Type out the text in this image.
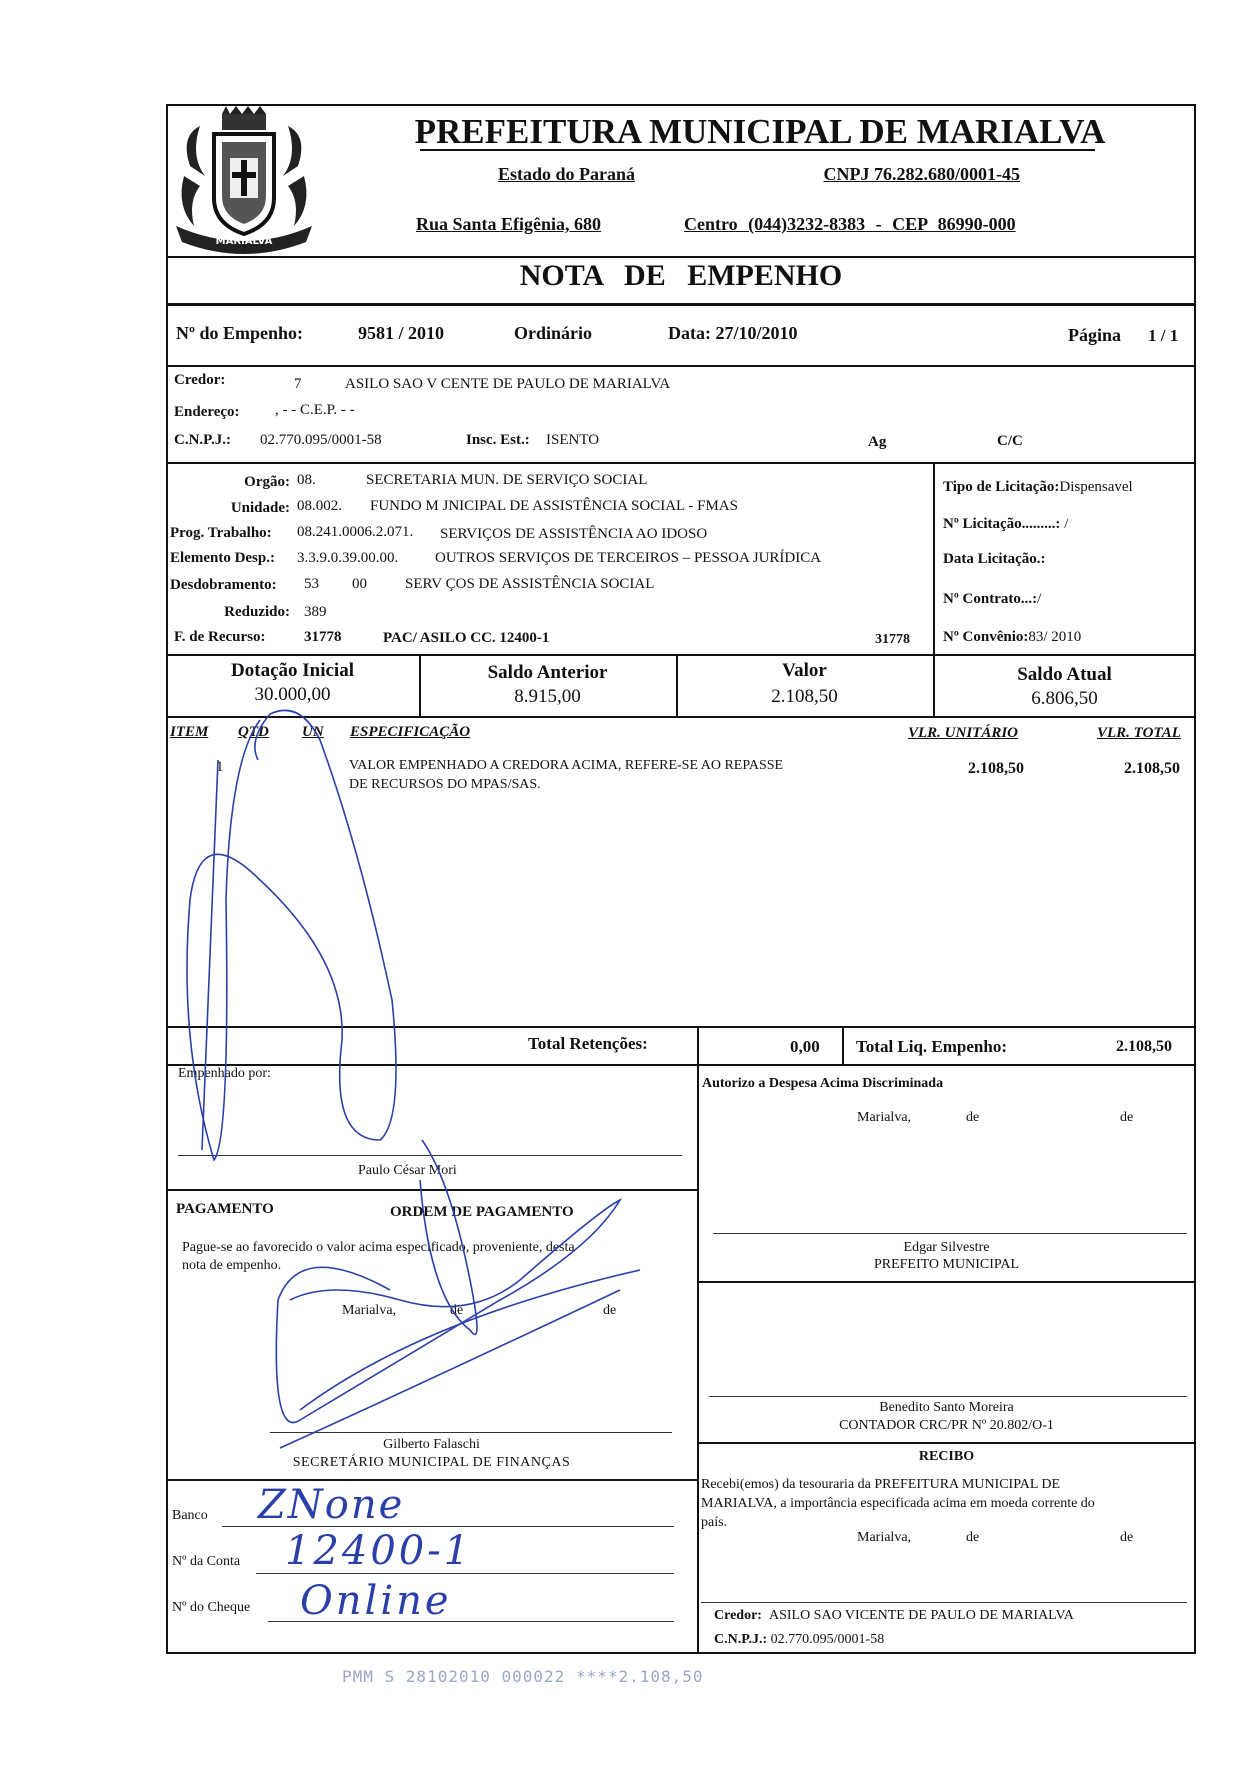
MARIALVA
PREFEITURA MUNICIPAL DE MARIALVA
Estado do Paraná	CNPJ 76.282.680/0001-45
Rua Santa Efigênia, 680	Centro (044)3232-8383 - CEP 86990-000
NOTA DE EMPENHO
Nº do Empenho:	9581 / 2010	Ordinário	Data: 27/10/2010	Página 1 / 1
Credor:	7	ASILO SAO V CENTE DE PAULO DE MARIALVA
Endereço: , - - C.E.P. - -
C.N.P.J.: 02.770.095/0001-58	Insc. Est.: ISENTO	Ag	C/C
Orgão: 08.	SECRETARIA MUN. DE SERVIÇO SOCIAL
Unidade: 08.002. FUNDO M JNICIPAL DE ASSISTÊNCIA SOCIAL - FMAS
Prog. Trabalho: 08.241.0006.2.071. SERVIÇOS DE ASSISTÊNCIA AO IDOSO
Elemento Desp.: 3.3.9.0.39.00.00. OUTROS SERVIÇOS DE TERCEIROS – PESSOA JURÍDICA
Desdobramento: 53 00	SERV ÇOS DE ASSISTÊNCIA SOCIAL
Reduzido: 389
F. de Recurso:	31778	PAC/ ASILO CC. 12400-1	31778
Tipo de Licitação:Dispensavel
Nº Licitação.........: /
Data Licitação.:
Nº Contrato...:/
Nº Convênio:83/ 2010
Dotação Inicial
30.000,00
Saldo Anterior
8.915,00
Valor
2.108,50
Saldo Atual
6.806,50
ITEM QTD UN ESPECIFICAÇÃO	VLR. UNITÁRIO	VLR. TOTAL
1	VALOR EMPENHADO A CREDORA ACIMA, REFERE-SE AO REPASSE
DE RECURSOS DO MPAS/SAS.
2.108,50	2.108,50
Total Retenções:	0,00 Total Liq. Empenho:	2.108,50
Empenhado por:
Paulo César Mori
PAGAMENTO	ORDEM DE PAGAMENTO
Pague-se ao favorecido o valor acima especificado, proveniente, desta
nota de empenho.
Marialva,	de	de
Gilberto Falaschi
SECRETÁRIO MUNICIPAL DE FINANÇAS
Banco ZNone
Nº da Conta 12400-1
Nº do Cheque Online
Autorizo a Despesa Acima Discriminada
Marialva,	de	de
Edgar Silvestre
PREFEITO MUNICIPAL
Benedito Santo Moreira
CONTADOR CRC/PR Nº 20.802/O-1
RECIBO
Recebi(emos) da tesouraria da PREFEITURA MUNICIPAL DE
MARIALVA, a importância especificada acima em moeda corrente do
país.
Marialva,	de	de
Credor: ASILO SAO VICENTE DE PAULO DE MARIALVA
C.N.P.J.: 02.770.095/0001-58
PMM S 28102010 000022 ****2.108,50
